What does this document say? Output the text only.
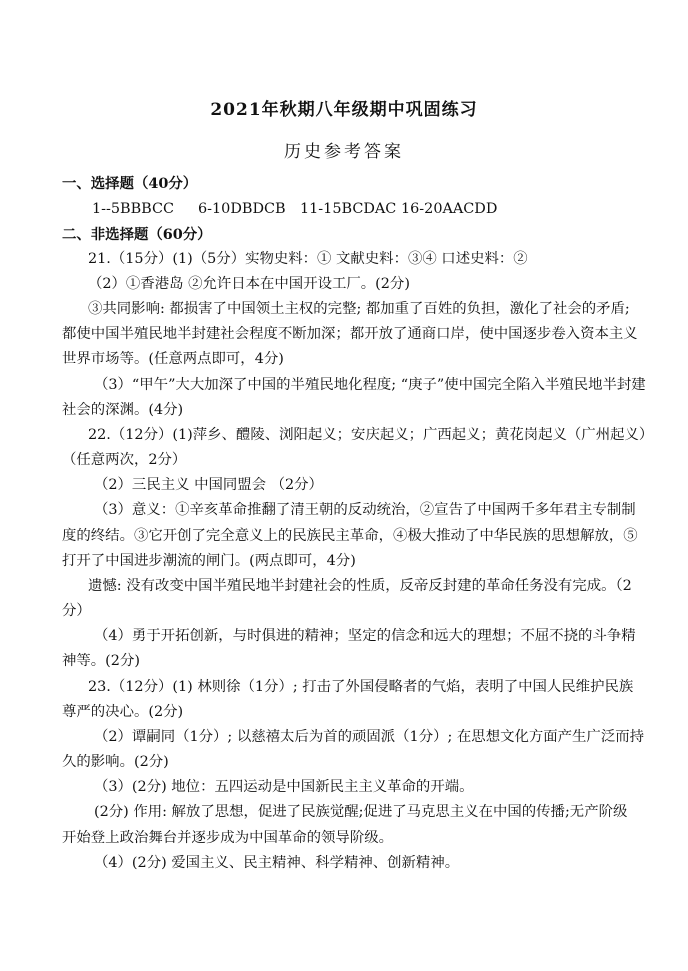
2021年秋期八年级期中巩固练习
历史参考答案
一、选择题（40分）
1--5BBBCC 6-10DBDCB 11-15BCDAC 16-20AACDD
二、非选择题（60分）
21.（15分）(1)（5分）实物史料：① 文献史料：③④ 口述史料：②
（2）①香港岛 ②允许日本在中国开设工厂。(2分)
③共同影响: 都损害了中国领土主权的完整; 都加重了百姓的负担，激化了社会的矛盾;
都使中国半殖民地半封建社会程度不断加深；都开放了通商口岸，使中国逐步卷入资本主义
世界市场等。(任意两点即可，4分)
（3）“甲午”大大加深了中国的半殖民地化程度; “庚子”使中国完全陷入半殖民地半封建
社会的深渊。(4分)
22.（12分）(1)萍乡、醴陵、浏阳起义；安庆起义；广西起义；黄花岗起义（广州起义）
（任意两次，2分）
（2）三民主义 中国同盟会 （2分）
（3）意义：①辛亥革命推翻了清王朝的反动统治，②宣告了中国两千多年君主专制制
度的终结。③它开创了完全意义上的民族民主革命，④极大推动了中华民族的思想解放，⑤
打开了中国进步潮流的闸门。(两点即可，4分)
遗憾: 没有改变中国半殖民地半封建社会的性质，反帝反封建的革命任务没有完成。（2
分）
（4）勇于开拓创新，与时俱进的精神；坚定的信念和远大的理想；不屈不挠的斗争精
神等。(2分)
23.（12分）(1) 林则徐（1分）; 打击了外国侵略者的气焰，表明了中国人民维护民族
尊严的决心。(2分)
（2）谭嗣同（1分）; 以慈禧太后为首的顽固派（1分）; 在思想文化方面产生广泛而持
久的影响。(2分)
（3）(2分) 地位：五四运动是中国新民主主义革命的开端。
(2分) 作用: 解放了思想，促进了民族觉醒;促进了马克思主义在中国的传播;无产阶级
开始登上政治舞台并逐步成为中国革命的领导阶级。
（4）(2分) 爱国主义、民主精神、科学精神、创新精神。
